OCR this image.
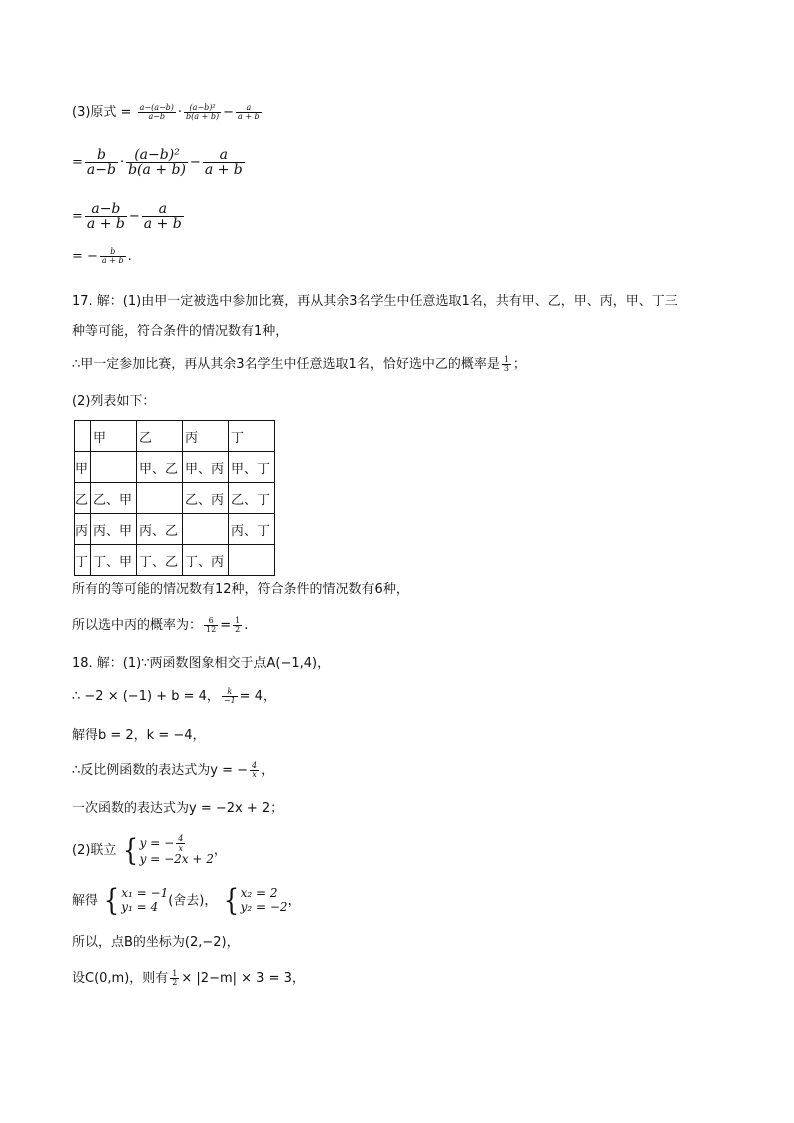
(3)原式 = $\frac{a-(a-b)}{a-b} \cdot \frac{\text{(a−b)²}}{b(a + b)} - \frac{a}{a + b}$
= $\frac{b}{a-b} \cdot \frac{\text{(a−b)²}}{b(a + b)} - \frac{a}{a + b}$
= $\frac{a-b}{a + b} - \frac{a}{a + b}$
= − $\frac{b}{a + b}$ .
17. 解：(1)由甲一定被选中参加比赛，再从其余3名学生中任意选取1名，共有甲、乙，甲、丙，甲、丁三
种等可能，符合条件的情况数有1种，
∴甲一定参加比赛，再从其余3名学生中任意选取1名，恰好选中乙的概率是 $\frac{1}{3}$ ；
(2)列表如下：
	甲	乙	丙	丁
甲		甲、乙	甲、丙	甲、丁
乙	乙、甲		乙、丙	乙、丁
丙	丙、甲	丙、乙		丙、丁
丁	丁、甲	丁、乙	丁、丙	
所有的等可能的情况数有12种，符合条件的情况数有6种，
所以选中丙的概率为： $\frac{6}{12} = \frac{1}{2}$ .
18. 解：(1)∵两函数图象相交于点A(−1,4)，
∴ −2 × (−1) + b = 4， $\frac{k}{-1} = 4$，
解得b = 2，k = −4，
∴反比例函数的表达式为y = − $\frac{4}{x}$ ，
一次函数的表达式为y = −2x + 2；
(2)联立 { y = − $\frac{4}{x}$
y = −2x + 2
，
解得 { x₁ = −1
y₁ = 4 (舍去)， { x₂ = 2
y₂ = −2 ，
所以，点B的坐标为(2,−2)，
设C(0,m)，则有 $\frac{1}{2} \times |2-m| \times 3 = 3$，
